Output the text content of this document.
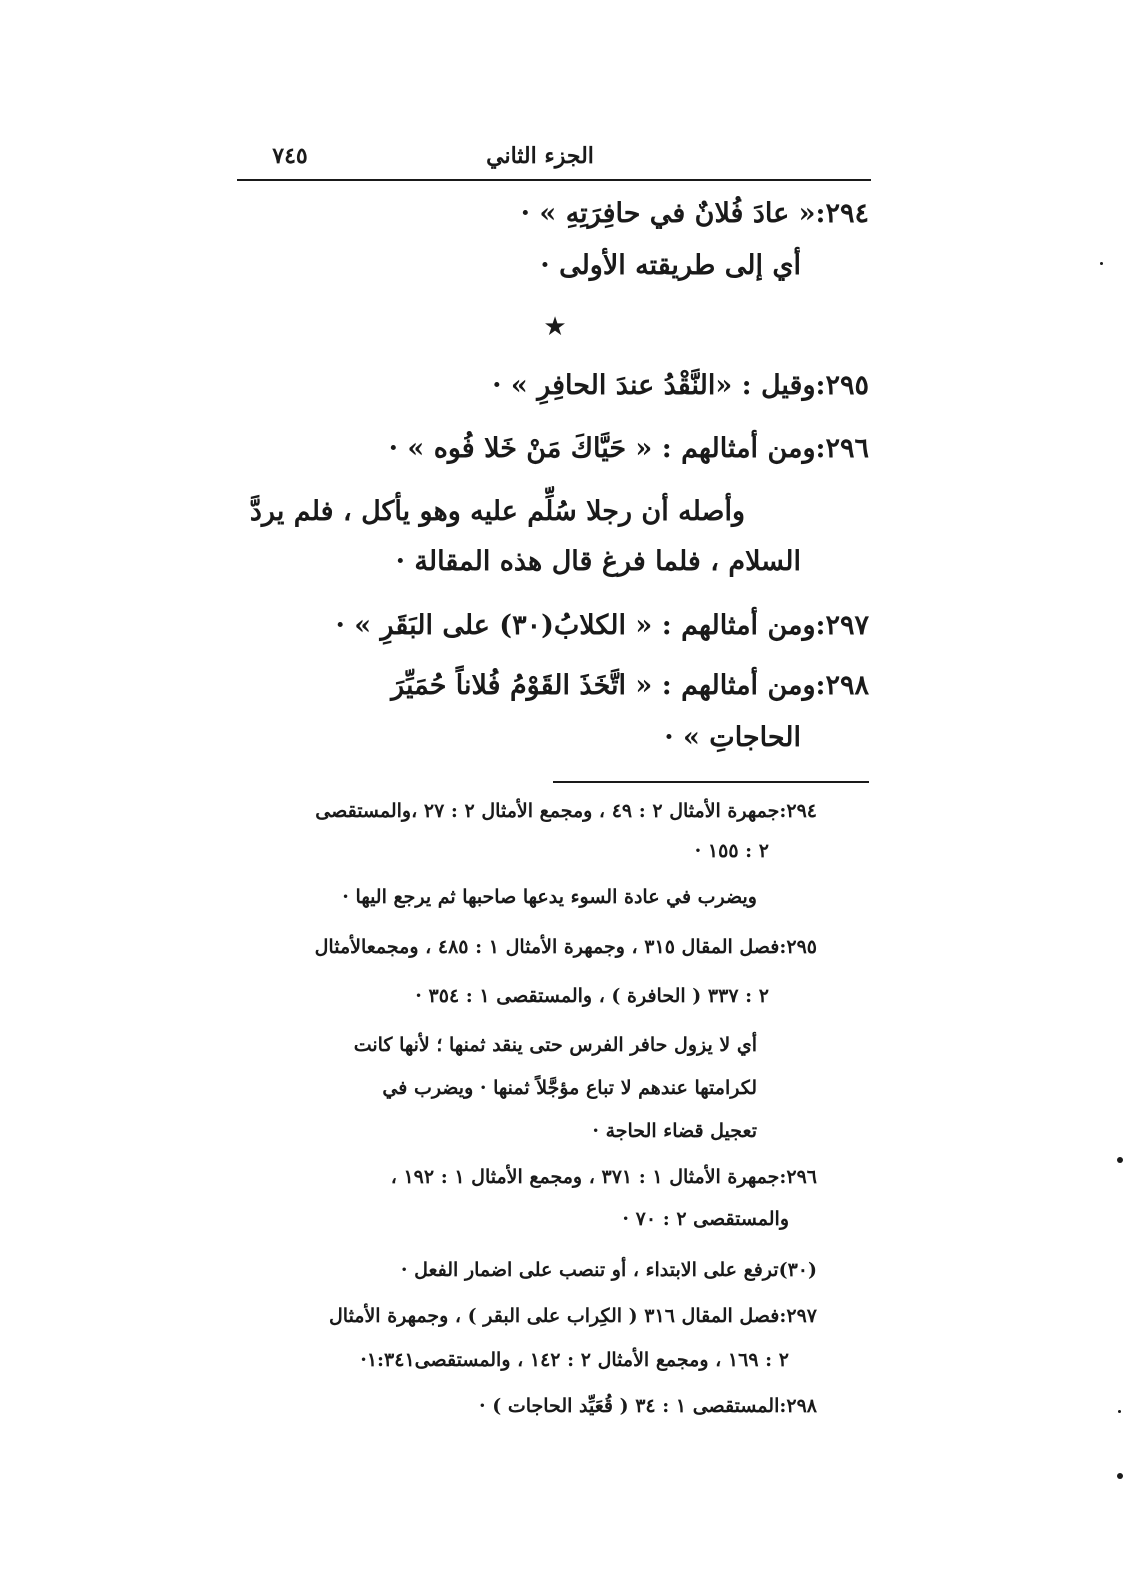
٧٤٥	الجزء الثاني
٢٩٤:« عادَ فُلانٌ في حافِرَتِهِ » ·
أي إلى طريقته الأولى ·
★
٢٩٥:وقيل : «النَّقْدُ عندَ الحافِرِ » ·
٢٩٦:ومن أمثالهم : « حَيَّاكَ مَنْ خَلا فُوه » ·
وأصله أن رجلا سُلِّم عليه وهو يأكل ، فلم يردَّ
السلام ، فلما فرغ قال هذه المقالة ·
٢٩٧:ومن أمثالهم : « الكلابُ(٣٠) على البَقَرِ » ·
٢٩٨:ومن أمثالهم : « اتَّخَذَ القَوْمُ فُلاناً حُمَيِّرَ
الحاجاتِ » ·
٢٩٤:جمهرة الأمثال ٢ : ٤٩ ، ومجمع الأمثال ٢ : ٢٧ ،والمستقصى
٢ : ١٥٥ ·
ويضرب في عادة السوء يدعها صاحبها ثم يرجع اليها ·
٢٩٥:فصل المقال ٣١٥ ، وجمهرة الأمثال ١ : ٤٨٥ ، ومجمعالأمثال
٢ : ٣٣٧ ( الحافرة ) ، والمستقصى ١ : ٣٥٤ ·
أي لا يزول حافر الفرس حتى ينقد ثمنها ؛ لأنها كانت
لكرامتها عندهم لا تباع مؤجَّلاً ثمنها · ويضرب في
تعجيل قضاء الحاجة ·
٢٩٦:جمهرة الأمثال ١ : ٣٧١ ، ومجمع الأمثال ١ : ١٩٢ ،
والمستقصى ٢ : ٧٠ ·
(٣٠)ترفع على الابتداء ، أو تنصب على اضمار الفعل ·
٢٩٧:فصل المقال ٣١٦ ( الكِراب على البقر ) ، وجمهرة الأمثال
٢ : ١٦٩ ، ومجمع الأمثال ٢ : ١٤٢ ، والمستقصى١:٣٤١·
٢٩٨:المستقصى ١ : ٣٤ ( قُعَيِّد الحاجات ) ·
